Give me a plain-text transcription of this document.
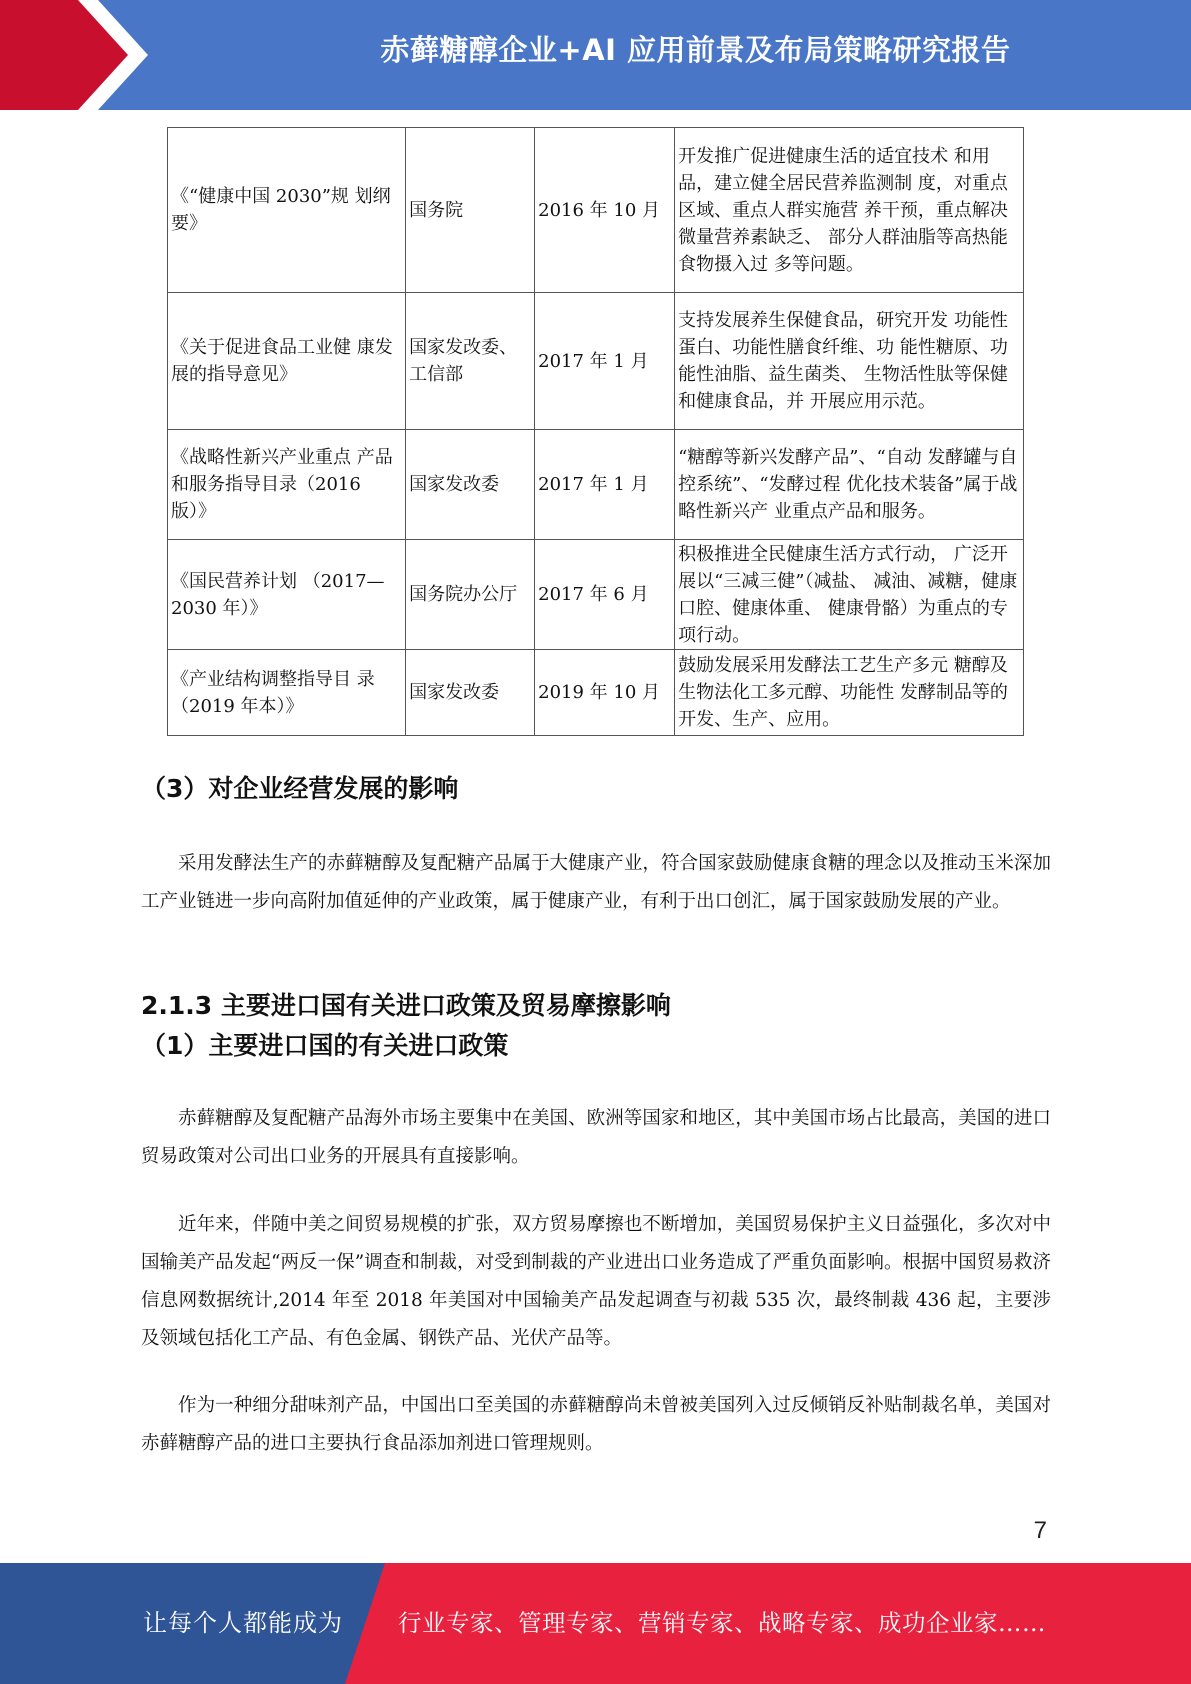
赤藓糖醇企业+AI 应用前景及布局策略研究报告
《“健康中国 2030”规 划纲要》	国务院	2016 年 10 月	开发推广促进健康生活的适宜技术 和用品，建立健全居民营养监测制 度，对重点区域、重点人群实施营 养干预，重点解决微量营养素缺乏、 部分人群油脂等高热能食物摄入过 多等问题。
《关于促进食品工业健 康发展的指导意见》	国家发改委、工信部	2017 年 1 月	支持发展养生保健食品，研究开发 功能性蛋白、功能性膳食纤维、功 能性糖原、功能性油脂、益生菌类、 生物活性肽等保健和健康食品，并 开展应用示范。
《战略性新兴产业重点 产品和服务指导目录（2016 版）》	国家发改委	2017 年 1 月	“糖醇等新兴发酵产品”、“自动 发酵罐与自控系统”、“发酵过程 优化技术装备”属于战略性新兴产 业重点产品和服务。
《国民营养计划 （2017—2030 年）》	国务院办公厅	2017 年 6 月	积极推进全民健康生活方式行动， 广泛开展以“三减三健”（减盐、 减油、减糖，健康口腔、健康体重、 健康骨骼）为重点的专项行动。
《产业结构调整指导目 录（2019 年本）》	国家发改委	2019 年 10 月	鼓励发展采用发酵法工艺生产多元 糖醇及生物法化工多元醇、功能性 发酵制品等的开发、生产、应用。
（3）对企业经营发展的影响

采用发酵法生产的赤藓糖醇及复配糖产品属于大健康产业，符合国家鼓励健康食糖的理念以及推动玉米深加工产业链进一步向高附加值延伸的产业政策，属于健康产业，有利于出口创汇，属于国家鼓励发展的产业。

2.1.3 主要进口国有关进口政策及贸易摩擦影响
（1）主要进口国的有关进口政策

赤藓糖醇及复配糖产品海外市场主要集中在美国、欧洲等国家和地区，其中美国市场占比最高，美国的进口贸易政策对公司出口业务的开展具有直接影响。

近年来，伴随中美之间贸易规模的扩张，双方贸易摩擦也不断增加，美国贸易保护主义日益强化，多次对中国输美产品发起“两反一保”调查和制裁，对受到制裁的产业进出口业务造成了严重负面影响。根据中国贸易救济信息网数据统计,2014 年至 2018 年美国对中国输美产品发起调查与初裁 535 次，最终制裁 436 起，主要涉及领域包括化工产品、有色金属、钢铁产品、光伏产品等。

作为一种细分甜味剂产品，中国出口至美国的赤藓糖醇尚未曾被美国列入过反倾销反补贴制裁名单，美国对赤藓糖醇产品的进口主要执行食品添加剂进口管理规则。

7
让每个人都能成为 行业专家、管理专家、营销专家、战略专家、成功企业家……
